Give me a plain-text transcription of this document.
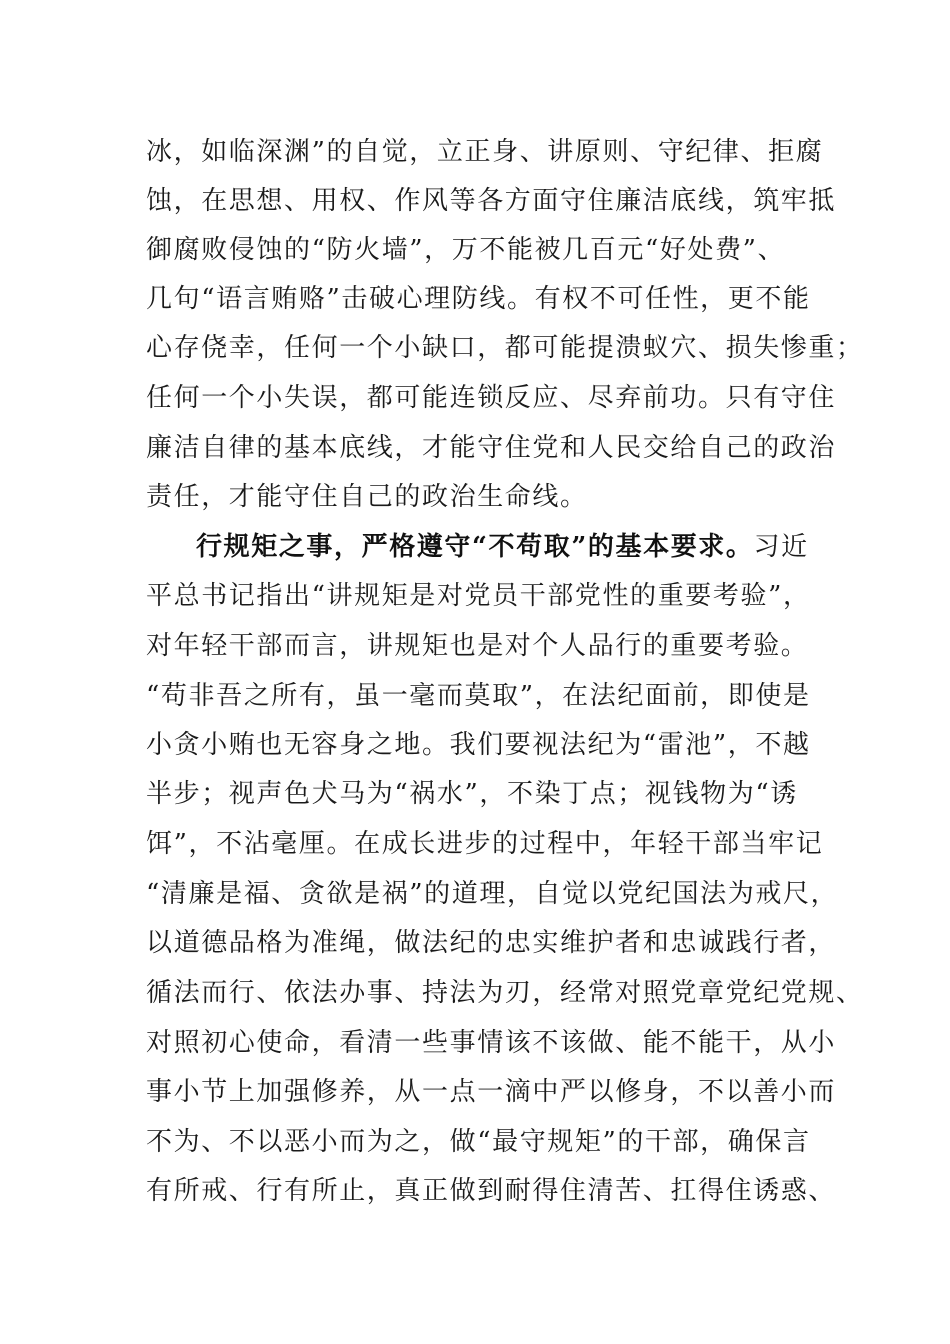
冰，如临深渊”的自觉，立正身、讲原则、守纪律、拒腐
蚀，在思想、用权、作风等各方面守住廉洁底线，筑牢抵
御腐败侵蚀的“防火墙”，万不能被几百元“好处费”、
几句“语言贿赂”击破心理防线。有权不可任性，更不能
心存侥幸，任何一个小缺口，都可能提溃蚁穴、损失惨重；
任何一个小失误，都可能连锁反应、尽弃前功。只有守住
廉洁自律的基本底线，才能守住党和人民交给自己的政治
责任，才能守住自己的政治生命线。
行规矩之事，严格遵守“不苟取”的基本要求。习近
平总书记指出“讲规矩是对党员干部党性的重要考验”，
对年轻干部而言，讲规矩也是对个人品行的重要考验。
“苟非吾之所有，虽一毫而莫取”，在法纪面前，即使是
小贪小贿也无容身之地。我们要视法纪为“雷池”，不越
半步；视声色犬马为“祸水”，不染丁点；视钱物为“诱
饵”，不沾毫厘。在成长进步的过程中，年轻干部当牢记
“清廉是福、贪欲是祸”的道理，自觉以党纪国法为戒尺，
以道德品格为准绳，做法纪的忠实维护者和忠诚践行者，
循法而行、依法办事、持法为刃，经常对照党章党纪党规、
对照初心使命，看清一些事情该不该做、能不能干，从小
事小节上加强修养，从一点一滴中严以修身，不以善小而
不为、不以恶小而为之，做“最守规矩”的干部，确保言
有所戒、行有所止，真正做到耐得住清苦、扛得住诱惑、
